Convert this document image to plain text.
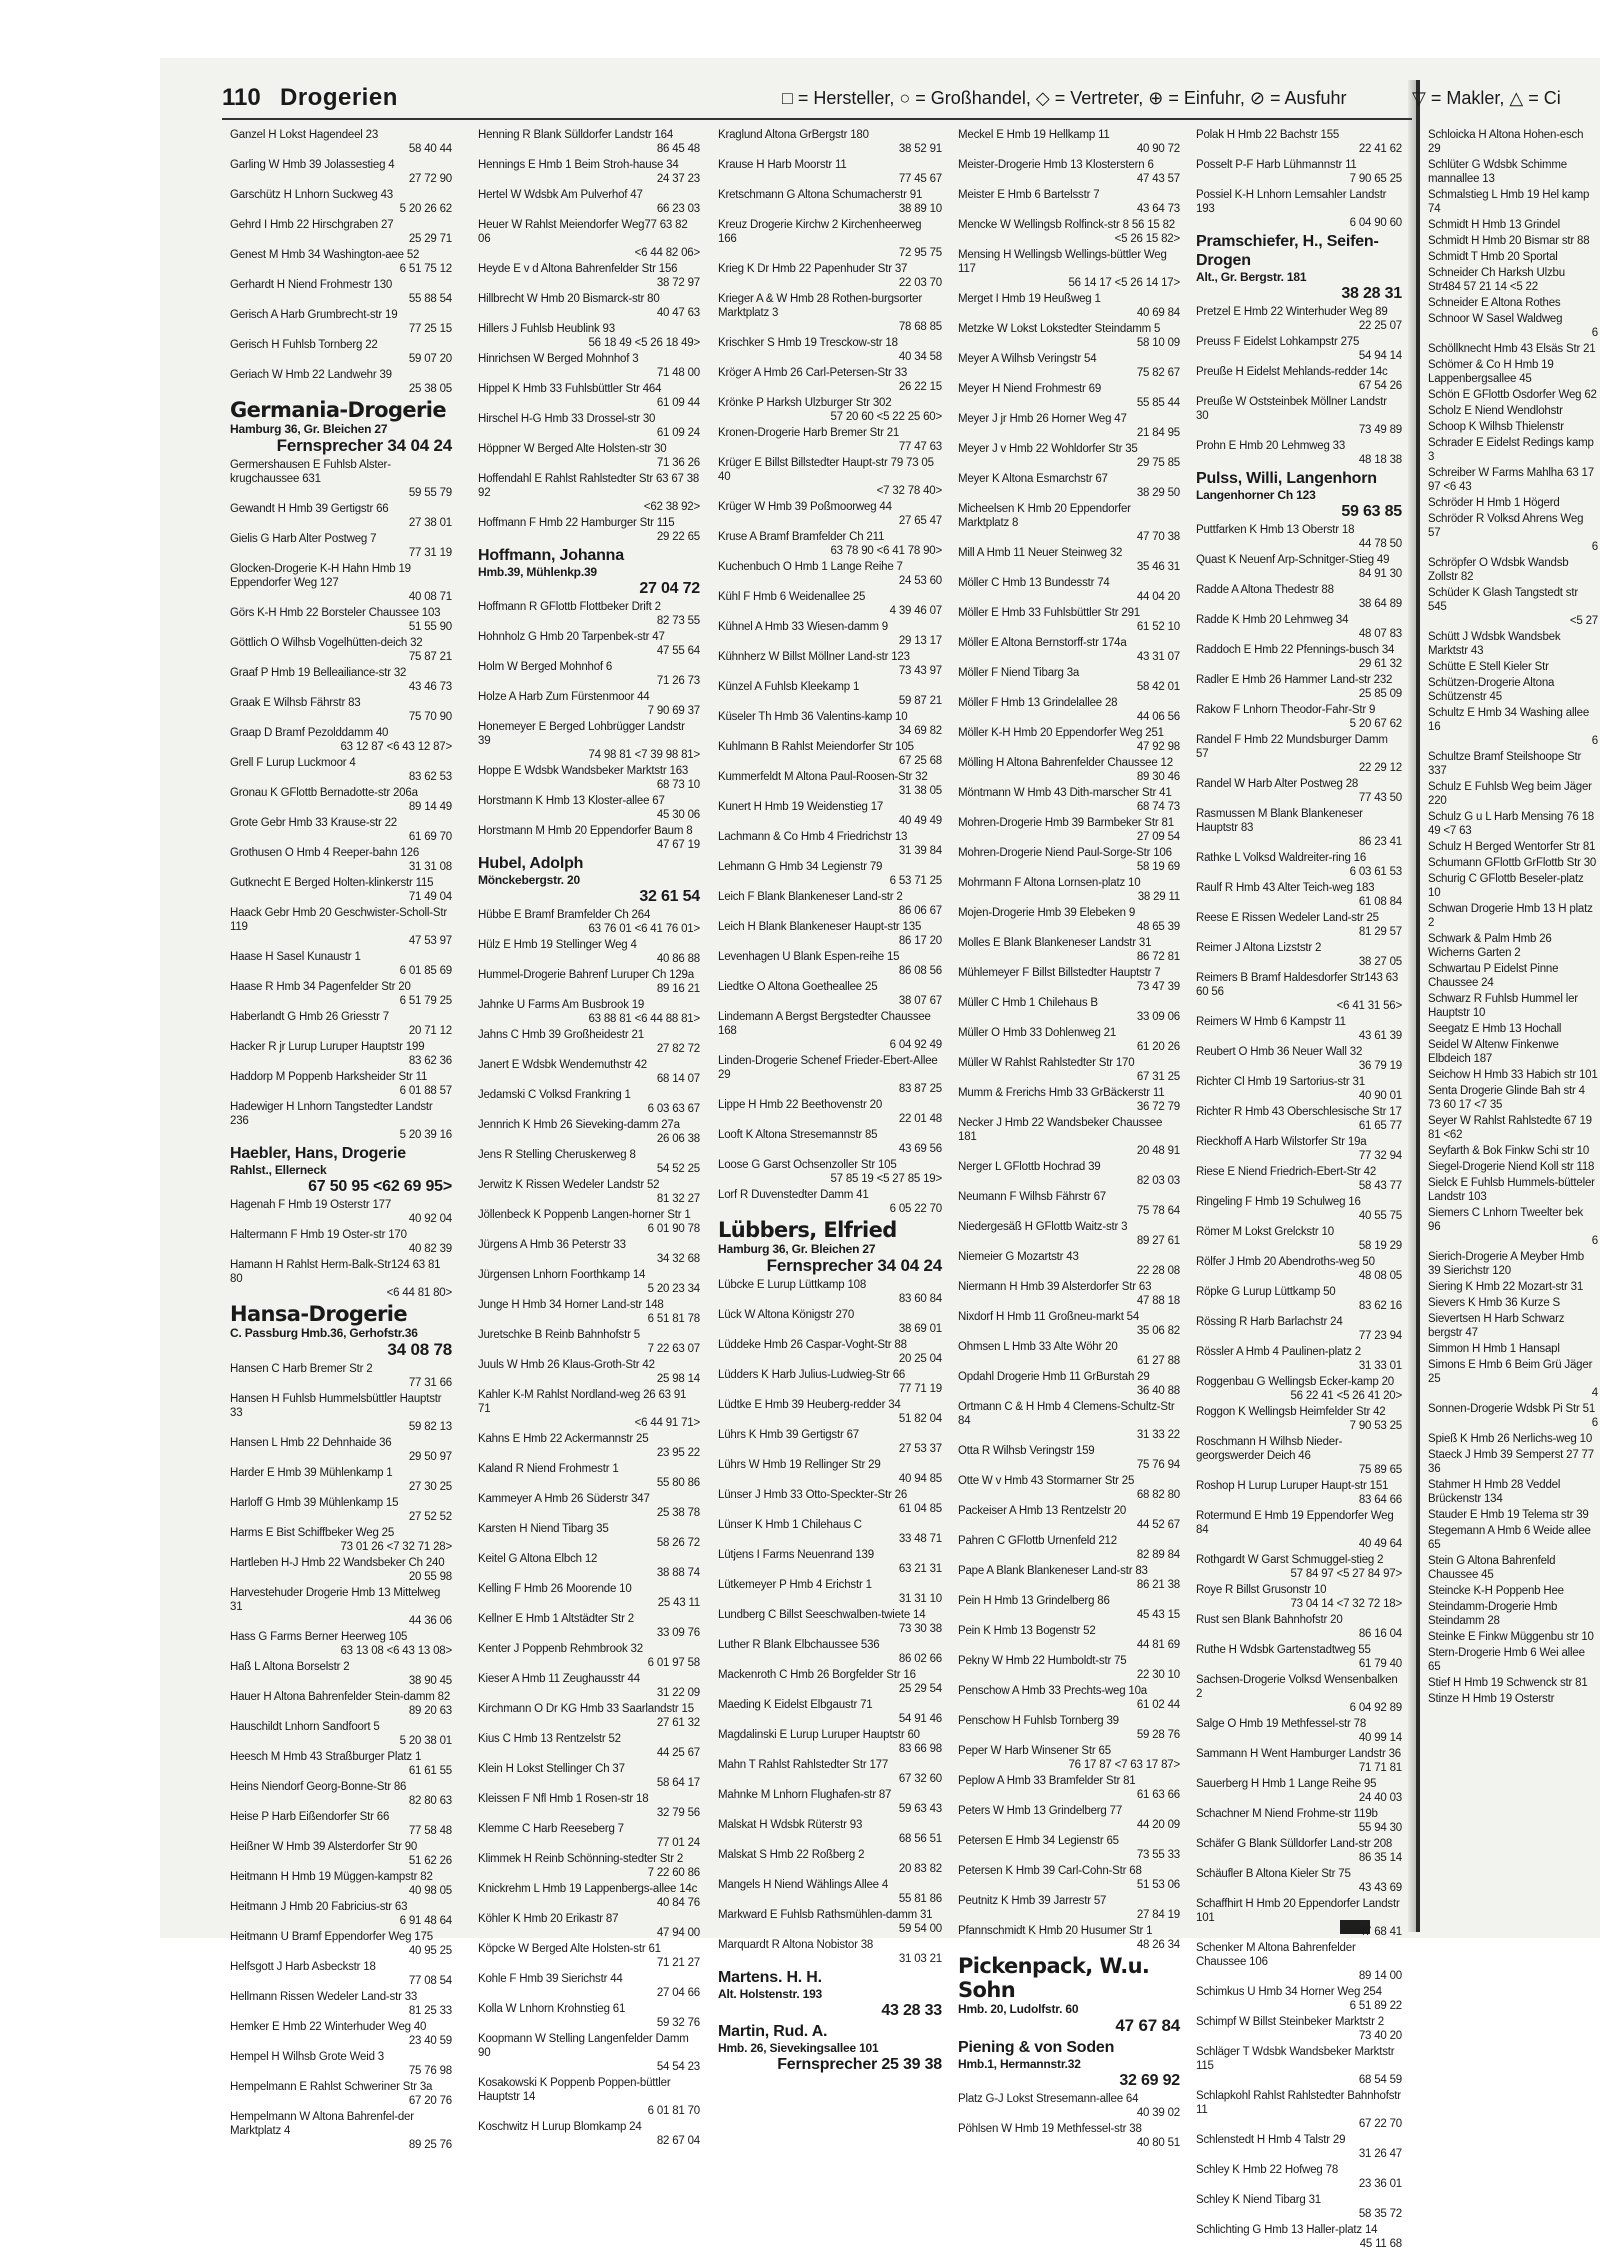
110 Drogerien	□ = Hersteller, ○ = Großhandel, ◇ = Vertreter, ⊕ = Einfuhr, ⊘ = Ausfuhr	▽ = Makler, △ = Ci
Ganzel H Lokst Hagendeel 23
58 40 44
Garling W Hmb 39 Jolassestieg 4
27 72 90
Garschütz H Lnhorn Suckweg 43
5 20 26 62
Gehrd I Hmb 22 Hirschgraben 27
25 29 71
Genest M Hmb 34 Washington-aee 52
6 51 75 12
Gerhardt H Niend Frohmestr 130
55 88 54
Gerisch A Harb Grumbrecht-str 19
77 25 15
Gerisch H Fuhlsb Tornberg 22
59 07 20
Geriach W Hmb 22 Landwehr 39
25 38 05
Germania-Drogerie
Hamburg 36, Gr. Bleichen 27
Fernsprecher 34 04 24
Germershausen E Fuhlsb Alster-krugchaussee 631
59 55 79
Gewandt H Hmb 39 Gertigstr 66
27 38 01
Gielis G Harb Alter Postweg 7
77 31 19
Glocken-Drogerie K-H Hahn Hmb 19 Eppendorfer Weg 127
40 08 71
Görs K-H Hmb 22 Borsteler Chaussee 103
51 55 90
Göttlich O Wilhsb Vogelhütten-deich 32
75 87 21
Graaf P Hmb 19 Belleailiance-str 32
43 46 73
Graak E Wilhsb Fährstr 83
75 70 90
Graap D Bramf Pezolddamm 40
63 12 87 <6 43 12 87>
Grell F Lurup Luckmoor 4
83 62 53
Gronau K GFlottb Bernadotte-str 206a
89 14 49
Grote Gebr Hmb 33 Krause-str 22
61 69 70
Grothusen O Hmb 4 Reeper-bahn 126
31 31 08
Gutknecht E Berged Holten-klinkerstr 115
71 49 04
Haack Gebr Hmb 20 Geschwister-Scholl-Str 119
47 53 97
Haase H Sasel Kunaustr 1
6 01 85 69
Haase R Hmb 34 Pagenfelder Str 20
6 51 79 25
Haberlandt G Hmb 26 Griesstr 7
20 71 12
Hacker R jr Lurup Luruper Hauptstr 199
83 62 36
Haddorp M Poppenb Harksheider Str 11
6 01 88 57
Hadewiger H Lnhorn Tangstedter Landstr 236
5 20 39 16
Haebler, Hans, Drogerie
Rahlst., Ellerneck
67 50 95 <62 69 95>
Hagenah F Hmb 19 Osterstr 177
40 92 04
Haltermann F Hmb 19 Oster-str 170
40 82 39
Hamann H Rahlst Herm-Balk-Str124 63 81 80
<6 44 81 80>
Hansa-Drogerie
C. Passburg Hmb.36, Gerhofstr.36
34 08 78
Hansen C Harb Bremer Str 2
77 31 66
Hansen H Fuhlsb Hummelsbüttler Hauptstr 33
59 82 13
Hansen L Hmb 22 Dehnhaide 36
29 50 97
Harder E Hmb 39 Mühlenkamp 1
27 30 25
Harloff G Hmb 39 Mühlenkamp 15
27 52 52
Harms E Bist Schiffbeker Weg 25
73 01 26 <7 32 71 28>
Hartleben H-J Hmb 22 Wandsbeker Ch 240
20 55 98
Harvestehuder Drogerie Hmb 13 Mittelweg 31
44 36 06
Hass G Farms Berner Heerweg 105
63 13 08 <6 43 13 08>
Haß L Altona Borselstr 2
38 90 45
Hauer H Altona Bahrenfelder Stein-damm 82
89 20 63
Hauschildt Lnhorn Sandfoort 5
5 20 38 01
Heesch M Hmb 43 Straßburger Platz 1
61 61 55
Heins Niendorf Georg-Bonne-Str 86
82 80 63
Heise P Harb Eißendorfer Str 66
77 58 48
Heißner W Hmb 39 Alsterdorfer Str 90
51 62 26
Heitmann H Hmb 19 Müggen-kampstr 82
40 98 05
Heitmann J Hmb 20 Fabricius-str 63
6 91 48 64
Heitmann U Bramf Eppendorfer Weg 175
40 95 25
Helfsgott J Harb Asbeckstr 18
77 08 54
Hellmann Rissen Wedeler Land-str 33
81 25 33
Hemker E Hmb 22 Winterhuder Weg 40
23 40 59
Hempel H Wilhsb Grote Weid 3
75 76 98
Hempelmann E Rahlst Schweriner Str 3a
67 20 76
Hempelmann W Altona Bahrenfel-der Marktplatz 4
89 25 76
Henning R Blank Sülldorfer Landstr 164
86 45 48
Hennings E Hmb 1 Beim Stroh-hause 34
24 37 23
Hertel W Wdsbk Am Pulverhof 47
66 23 03
Heuer W Rahlst Meiendorfer Weg77 63 82 06
<6 44 82 06>
Heyde E v d Altona Bahrenfelder Str 156
38 72 97
Hillbrecht W Hmb 20 Bismarck-str 80
40 47 63
Hillers J Fuhlsb Heublink 93
56 18 49 <5 26 18 49>
Hinrichsen W Berged Mohnhof 3
71 48 00
Hippel K Hmb 33 Fuhlsbüttler Str 464
61 09 44
Hirschel H-G Hmb 33 Drossel-str 30
61 09 24
Höppner W Berged Alte Holsten-str 30
71 36 26
Hoffendahl E Rahlst Rahlstedter Str 63 67 38 92
<62 38 92>
Hoffmann F Hmb 22 Hamburger Str 115
29 22 65
Hoffmann, Johanna
Hmb.39, Mühlenkp.39
27 04 72
Hoffmann R GFlottb Flottbeker Drift 2
82 73 55
Hohnholz G Hmb 20 Tarpenbek-str 47
47 55 64
Holm W Berged Mohnhof 6
71 26 73
Holze A Harb Zum Fürstenmoor 44
7 90 69 37
Honemeyer E Berged Lohbrügger Landstr 39
74 98 81 <7 39 98 81>
Hoppe E Wdsbk Wandsbeker Marktstr 163
68 73 10
Horstmann K Hmb 13 Kloster-allee 67
45 30 06
Horstmann M Hmb 20 Eppendorfer Baum 8
47 67 19
Hubel, Adolph
Mönckebergstr. 20
32 61 54
Hübbe E Bramf Bramfelder Ch 264
63 76 01 <6 41 76 01>
Hülz E Hmb 19 Stellinger Weg 4
40 86 88
Hummel-Drogerie Bahrenf Luruper Ch 129a
89 16 21
Jahnke U Farms Am Busbrook 19
63 88 81 <6 44 88 81>
Jahns C Hmb 39 Großheidestr 21
27 82 72
Janert E Wdsbk Wendemuthstr 42
68 14 07
Jedamski C Volksd Frankring 1
6 03 63 67
Jennrich K Hmb 26 Sieveking-damm 27a
26 06 38
Jens R Stelling Cheruskerweg 8
54 52 25
Jerwitz K Rissen Wedeler Landstr 52
81 32 27
Jöllenbeck K Poppenb Langen-horner Str 1
6 01 90 78
Jürgens A Hmb 36 Peterstr 33
34 32 68
Jürgensen Lnhorn Foorthkamp 14
5 20 23 34
Junge H Hmb 34 Horner Land-str 148
6 51 81 78
Juretschke B Reinb Bahnhofstr 5
7 22 63 07
Juuls W Hmb 26 Klaus-Groth-Str 42
25 98 14
Kahler K-M Rahlst Nordland-weg 26 63 91 71
<6 44 91 71>
Kahns E Hmb 22 Ackermannstr 25
23 95 22
Kaland R Niend Frohmestr 1
55 80 86
Kammeyer A Hmb 26 Süderstr 347
25 38 78
Karsten H Niend Tibarg 35
58 26 72
Keitel G Altona Elbch 12
38 88 74
Kelling F Hmb 26 Moorende 10
25 43 11
Kellner E Hmb 1 Altstädter Str 2
33 09 76
Kenter J Poppenb Rehmbrook 32
6 01 97 58
Kieser A Hmb 11 Zeughausstr 44
31 22 09
Kirchmann O Dr KG Hmb 33 Saarlandstr 15
27 61 32
Kius C Hmb 13 Rentzelstr 52
44 25 67
Klein H Lokst Stellinger Ch 37
58 64 17
Kleissen F Nfl Hmb 1 Rosen-str 18
32 79 56
Klemme C Harb Reeseberg 7
77 01 24
Klimmek H Reinb Schönning-stedter Str 2
7 22 60 86
Knickrehm L Hmb 19 Lappenbergs-allee 14c
40 84 76
Köhler K Hmb 20 Erikastr 87
47 94 00
Köpcke W Berged Alte Holsten-str 61
71 21 27
Kohle F Hmb 39 Sierichstr 44
27 04 66
Kolla W Lnhorn Krohnstieg 61
59 32 76
Koopmann W Stelling Langenfelder Damm 90
54 54 23
Kosakowski K Poppenb Poppen-büttler Hauptstr 14
6 01 81 70
Koschwitz H Lurup Blomkamp 24
82 67 04
Kraglund Altona GrBergstr 180
38 52 91
Krause H Harb Moorstr 11
77 45 67
Kretschmann G Altona Schumacherstr 91
38 89 10
Kreuz Drogerie Kirchw 2 Kirchenheerweg 166
72 95 75
Krieg K Dr Hmb 22 Papenhuder Str 37
22 03 70
Krieger A & W Hmb 28 Rothen-burgsorter Marktplatz 3
78 68 85
Krischker S Hmb 19 Tresckow-str 18
40 34 58
Kröger A Hmb 26 Carl-Petersen-Str 33
26 22 15
Krönke P Harksh Ulzburger Str 302
57 20 60 <5 22 25 60>
Kronen-Drogerie Harb Bremer Str 21
77 47 63
Krüger E Billst Billstedter Haupt-str 79 73 05 40
<7 32 78 40>
Krüger W Hmb 39 Poßmoorweg 44
27 65 47
Kruse A Bramf Bramfelder Ch 211
63 78 90 <6 41 78 90>
Kuchenbuch O Hmb 1 Lange Reihe 7
24 53 60
Kühl F Hmb 6 Weidenallee 25
4 39 46 07
Kühnel A Hmb 33 Wiesen-damm 9
29 13 17
Kühnherz W Billst Möllner Land-str 123
73 43 97
Künzel A Fuhlsb Kleekamp 1
59 87 21
Küseler Th Hmb 36 Valentins-kamp 10
34 69 82
Kuhlmann B Rahlst Meiendorfer Str 105
67 25 68
Kummerfeldt M Altona Paul-Roosen-Str 32
31 38 05
Kunert H Hmb 19 Weidenstieg 17
40 49 49
Lachmann & Co Hmb 4 Friedrichstr 13
31 39 84
Lehmann G Hmb 34 Legienstr 79
6 53 71 25
Leich F Blank Blankeneser Land-str 2
86 06 67
Leich H Blank Blankeneser Haupt-str 135
86 17 20
Levenhagen U Blank Espen-reihe 15
86 08 56
Liedtke O Altona Goetheallee 25
38 07 67
Lindemann A Bergst Bergstedter Chaussee 168
6 04 92 49
Linden-Drogerie Schenef Frieder-Ebert-Allee 29
83 87 25
Lippe H Hmb 22 Beethovenstr 20
22 01 48
Looft K Altona Stresemannstr 85
43 69 56
Loose G Garst Ochsenzoller Str 105
57 85 19 <5 27 85 19>
Lorf R Duvenstedter Damm 41
6 05 22 70
Lübbers, Elfried
Hamburg 36, Gr. Bleichen 27
Fernsprecher 34 04 24
Lübcke E Lurup Lüttkamp 108
83 60 84
Lück W Altona Königstr 270
38 69 01
Lüddeke Hmb 26 Caspar-Voght-Str 88
20 25 04
Lüdders K Harb Julius-Ludwieg-Str 66
77 71 19
Lüdtke E Hmb 39 Heuberg-redder 34
51 82 04
Lührs K Hmb 39 Gertigstr 67
27 53 37
Lührs W Hmb 19 Rellinger Str 29
40 94 85
Lünser J Hmb 33 Otto-Speckter-Str 26
61 04 85
Lünser K Hmb 1 Chilehaus C
33 48 71
Lütjens I Farms Neuenrand 139
63 21 31
Lütkemeyer P Hmb 4 Erichstr 1
31 31 10
Lundberg C Billst Seeschwalben-twiete 14
73 30 38
Luther R Blank Elbchaussee 536
86 02 66
Mackenroth C Hmb 26 Borgfelder Str 16
25 29 54
Maeding K Eidelst Elbgaustr 71
54 91 46
Magdalinski E Lurup Luruper Hauptstr 60
83 66 98
Mahn T Rahlst Rahlstedter Str 177
67 32 60
Mahnke M Lnhorn Flughafen-str 87
59 63 43
Malskat H Wdsbk Rüterstr 93
68 56 51
Malskat S Hmb 22 Roßberg 2
20 83 82
Mangels H Niend Wählings Allee 4
55 81 86
Markward E Fuhlsb Rathsmühlen-damm 31
59 54 00
Marquardt R Altona Nobistor 38
31 03 21
Martens. H. H.
Alt. Holstenstr. 193
43 28 33
Martin, Rud. A.
Hmb. 26, Sievekingsallee 101
Fernsprecher 25 39 38
Meckel E Hmb 19 Hellkamp 11
40 90 72
Meister-Drogerie Hmb 13 Klosterstern 6
47 43 57
Meister E Hmb 6 Bartelsstr 7
43 64 73
Mencke W Wellingsb Rolfinck-str 8 56 15 82
<5 26 15 82>
Mensing H Wellingsb Wellings-büttler Weg 117
56 14 17 <5 26 14 17>
Merget I Hmb 19 Heußweg 1
40 69 84
Metzke W Lokst Lokstedter Steindamm 5
58 10 09
Meyer A Wilhsb Veringstr 54
75 82 67
Meyer H Niend Frohmestr 69
55 85 44
Meyer J jr Hmb 26 Horner Weg 47
21 84 95
Meyer J v Hmb 22 Wohldorfer Str 35
29 75 85
Meyer K Altona Esmarchstr 67
38 29 50
Micheelsen K Hmb 20 Eppendorfer Marktplatz 8
47 70 38
Mill A Hmb 11 Neuer Steinweg 32
35 46 31
Möller C Hmb 13 Bundesstr 74
44 04 20
Möller E Hmb 33 Fuhlsbüttler Str 291
61 52 10
Möller E Altona Bernstorff-str 174a
43 31 07
Möller F Niend Tibarg 3a
58 42 01
Möller F Hmb 13 Grindelallee 28
44 06 56
Möller K-H Hmb 20 Eppendorfer Weg 251
47 92 98
Mölling H Altona Bahrenfelder Chaussee 12
89 30 46
Möntmann W Hmb 43 Dith-marscher Str 41
68 74 73
Mohren-Drogerie Hmb 39 Barmbeker Str 81
27 09 54
Mohren-Drogerie Niend Paul-Sorge-Str 106
58 19 69
Mohrmann F Altona Lornsen-platz 10
38 29 11
Mojen-Drogerie Hmb 39 Elebeken 9
48 65 39
Molles E Blank Blankeneser Landstr 31
86 72 81
Mühlemeyer F Billst Billstedter Hauptstr 7
73 47 39
Müller C Hmb 1 Chilehaus B
33 09 06
Müller O Hmb 33 Dohlenweg 21
61 20 26
Müller W Rahlst Rahlstedter Str 170
67 31 25
Mumm & Frerichs Hmb 33 GrBäckerstr 11
36 72 79
Necker J Hmb 22 Wandsbeker Chaussee 181
20 48 91
Nerger L GFlottb Hochrad 39
82 03 03
Neumann F Wilhsb Fährstr 67
75 78 64
Niedergesäß H GFlottb Waitz-str 3
89 27 61
Niemeier G Mozartstr 43
22 28 08
Niermann H Hmb 39 Alsterdorfer Str 63
47 88 18
Nixdorf H Hmb 11 Großneu-markt 54
35 06 82
Ohmsen L Hmb 33 Alte Wöhr 20
61 27 88
Opdahl Drogerie Hmb 11 GrBurstah 29
36 40 88
Ortmann C & H Hmb 4 Clemens-Schultz-Str 84
31 33 22
Otta R Wilhsb Veringstr 159
75 76 94
Otte W v Hmb 43 Stormarner Str 25
68 82 80
Packeiser A Hmb 13 Rentzelstr 20
44 52 67
Pahren C GFlottb Urnenfeld 212
82 89 84
Pape A Blank Blankeneser Land-str 83
86 21 38
Pein H Hmb 13 Grindelberg 86
45 43 15
Pein K Hmb 13 Bogenstr 52
44 81 69
Pekny W Hmb 22 Humboldt-str 75
22 30 10
Penschow A Hmb 33 Prechts-weg 10a
61 02 44
Penschow H Fuhlsb Tornberg 39
59 28 76
Peper W Harb Winsener Str 65
76 17 87 <7 63 17 87>
Peplow A Hmb 33 Bramfelder Str 81
61 63 66
Peters W Hmb 13 Grindelberg 77
44 20 09
Petersen E Hmb 34 Legienstr 65
73 55 33
Petersen K Hmb 39 Carl-Cohn-Str 68
51 53 06
Peutnitz K Hmb 39 Jarrestr 57
27 84 19
Pfannschmidt K Hmb 20 Husumer Str 1
48 26 34
Pickenpack, W.u. Sohn
Hmb. 20, Ludolfstr. 60
47 67 84
Piening & von Soden
Hmb.1, Hermannstr.32
32 69 92
Platz G-J Lokst Stresemann-allee 64
40 39 02
Pöhlsen W Hmb 19 Methfessel-str 38
40 80 51
Polak H Hmb 22 Bachstr 155
22 41 62
Posselt P-F Harb Lühmannstr 11
7 90 65 25
Possiel K-H Lnhorn Lemsahler Landstr 193
6 04 90 60
Pramschiefer, H., Seifen-Drogen
Alt., Gr. Bergstr. 181
38 28 31
Pretzel E Hmb 22 Winterhuder Weg 89
22 25 07
Preuss F Eidelst Lohkampstr 275
54 94 14
Preuße H Eidelst Mehlands-redder 14c
67 54 26
Preuße W Oststeinbek Möllner Landstr 30
73 49 89
Prohn E Hmb 20 Lehmweg 33
48 18 38
Pulss, Willi, Langenhorn
Langenhorner Ch 123
59 63 85
Puttfarken K Hmb 13 Oberstr 18
44 78 50
Quast K Neuenf Arp-Schnitger-Stieg 49
84 91 30
Radde A Altona Thedestr 88
38 64 89
Radde K Hmb 20 Lehmweg 34
48 07 83
Raddoch E Hmb 22 Pfennings-busch 34
29 61 32
Radler E Hmb 26 Hammer Land-str 232
25 85 09
Rakow F Lnhorn Theodor-Fahr-Str 9
5 20 67 62
Randel F Hmb 22 Mundsburger Damm 57
22 29 12
Randel W Harb Alter Postweg 28
77 43 50
Rasmussen M Blank Blankeneser Hauptstr 83
86 23 41
Rathke L Volksd Waldreiter-ring 16
6 03 61 53
Raulf R Hmb 43 Alter Teich-weg 183
61 08 84
Reese E Rissen Wedeler Land-str 25
81 29 57
Reimer J Altona Lizststr 2
38 27 05
Reimers B Bramf Haldesdorfer Str143 63 60 56
<6 41 31 56>
Reimers W Hmb 6 Kampstr 11
43 61 39
Reubert O Hmb 36 Neuer Wall 32
36 79 19
Richter Cl Hmb 19 Sartorius-str 31
40 90 01
Richter R Hmb 43 Oberschlesische Str 17
61 65 77
Rieckhoff A Harb Wilstorfer Str 19a
77 32 94
Riese E Niend Friedrich-Ebert-Str 42
58 43 77
Ringeling F Hmb 19 Schulweg 16
40 55 75
Römer M Lokst Grelckstr 10
58 19 29
Rölfer J Hmb 20 Abendroths-weg 50
48 08 05
Röpke G Lurup Lüttkamp 50
83 62 16
Rössing R Harb Barlachstr 24
77 23 94
Rössler A Hmb 4 Paulinen-platz 2
31 33 01
Roggenbau G Wellingsb Ecker-kamp 20
56 22 41 <5 26 41 20>
Roggon K Wellingsb Heimfelder Str 42
7 90 53 25
Roschmann H Wilhsb Nieder-georgswerder Deich 46
75 89 65
Roshop H Lurup Luruper Haupt-str 151
83 64 66
Rotermund E Hmb 19 Eppendorfer Weg 84
40 49 64
Rothgardt W Garst Schmuggel-stieg 2
57 84 97 <5 27 84 97>
Roye R Billst Grusonstr 10
73 04 14 <7 32 72 18>
Rust sen Blank Bahnhofstr 20
86 16 04
Ruthe H Wdsbk Gartenstadtweg 55
61 79 40
Sachsen-Drogerie Volksd Wensenbalken 2
6 04 92 89
Salge O Hmb 19 Methfessel-str 78
40 99 14
Sammann H Went Hamburger Landstr 36
71 71 81
Sauerberg H Hmb 1 Lange Reihe 95
24 40 03
Schachner M Niend Frohme-str 119b
55 94 30
Schäfer G Blank Sülldorfer Land-str 208
86 35 14
Schäufler B Altona Kieler Str 75
43 43 69
Schaffhirt H Hmb 20 Eppendorfer Landstr 101
47 68 41
Schenker M Altona Bahrenfelder Chaussee 106
89 14 00
Schimkus U Hmb 34 Horner Weg 254
6 51 89 22
Schimpf W Billst Steinbeker Marktstr 2
73 40 20
Schläger T Wdsbk Wandsbeker Marktstr 115
68 54 59
Schlapkohl Rahlst Rahlstedter Bahnhofstr 11
67 22 70
Schlenstedt H Hmb 4 Talstr 29
31 26 47
Schley K Hmb 22 Hofweg 78
23 36 01
Schley K Niend Tibarg 31
58 35 72
Schlichting G Hmb 13 Haller-platz 14
45 11 68
Schloicka H Altona Hohen-esch 29
Schlüter G Wdsbk Schimme mannallee 13
Schmalstieg L Hmb 19 Hel kamp 74
Schmidt H Hmb 13 Grindel
Schmidt H Hmb 20 Bismar str 88
Schmidt T Hmb 20 Sportal
Schneider Ch Harksh Ulzbu Str484 57 21 14 <5 22
Schneider E Altona Rothes
Schnoor W Sasel Waldweg
6
Schöllknecht Hmb 43 Elsäs Str 21
Schömer & Co H Hmb 19 Lappenbergsallee 45
Schön E GFlottb Osdorfer Weg 62
Scholz E Niend Wendlohstr
Schoop K Wilhsb Thielenstr
Schrader E Eidelst Redings kamp 3
Schreiber W Farms Mahlha 63 17 97 <6 43
Schröder H Hmb 1 Högerd
Schröder R Volksd Ahrens Weg 57
6
Schröpfer O Wdsbk Wandsb Zollstr 82
Schüder K Glash Tangstedt str 545
<5 27
Schütt J Wdsbk Wandsbek Marktstr 43
Schütte E Stell Kieler Str
Schützen-Drogerie Altona Schützenstr 45
Schultz E Hmb 34 Washing allee 16
6
Schultze Bramf Steilshoope Str 337
Schulz E Fuhlsb Weg beim Jäger 220
Schulz G u L Harb Mensing 76 18 49 <7 63
Schulz H Berged Wentorfer Str 81
Schumann GFlottb GrFlottb Str 30
Schurig C GFlottb Beseler-platz 10
Schwan Drogerie Hmb 13 H platz 2
Schwark & Palm Hmb 26 Wicherns Garten 2
Schwartau P Eidelst Pinne Chaussee 24
Schwarz R Fuhlsb Hummel ler Hauptstr 10
Seegatz E Hmb 13 Hochall
Seidel W Altenw Finkenwe Elbdeich 187
Seichow H Hmb 33 Habich str 101
Senta Drogerie Glinde Bah str 4 73 60 17 <7 35
Seyer W Rahlst Rahlstedte 67 19 81 <62
Seyfarth & Bok Finkw Schi str 10
Siegel-Drogerie Niend Koll str 118
Sielck E Fuhlsb Hummels-bütteler Landstr 103
Siemers C Lnhorn Tweelter bek 96
6
Sierich-Drogerie A Meyber Hmb 39 Sierichstr 120
Siering K Hmb 22 Mozart-str 31
Sievers K Hmb 36 Kurze S
Sievertsen H Harb Schwarz bergstr 47
Simmon H Hmb 1 Hansapl
Simons E Hmb 6 Beim Grü Jäger 25
4
Sonnen-Drogerie Wdsbk Pi Str 51
6
Spieß K Hmb 26 Nerlichs-weg 10
Staeck J Hmb 39 Semperst 27 77 36
Stahmer H Hmb 28 Veddel Brückenstr 134
Stauder E Hmb 19 Telema str 39
Stegemann A Hmb 6 Weide allee 65
Stein G Altona Bahrenfeld Chaussee 45
Steincke K-H Poppenb Hee
Steindamm-Drogerie Hmb Steindamm 28
Steinke E Finkw Müggenbu str 10
Stern-Drogerie Hmb 6 Wei allee 65
Stief H Hmb 19 Schwenck str 81
Stinze H Hmb 19 Osterstr
